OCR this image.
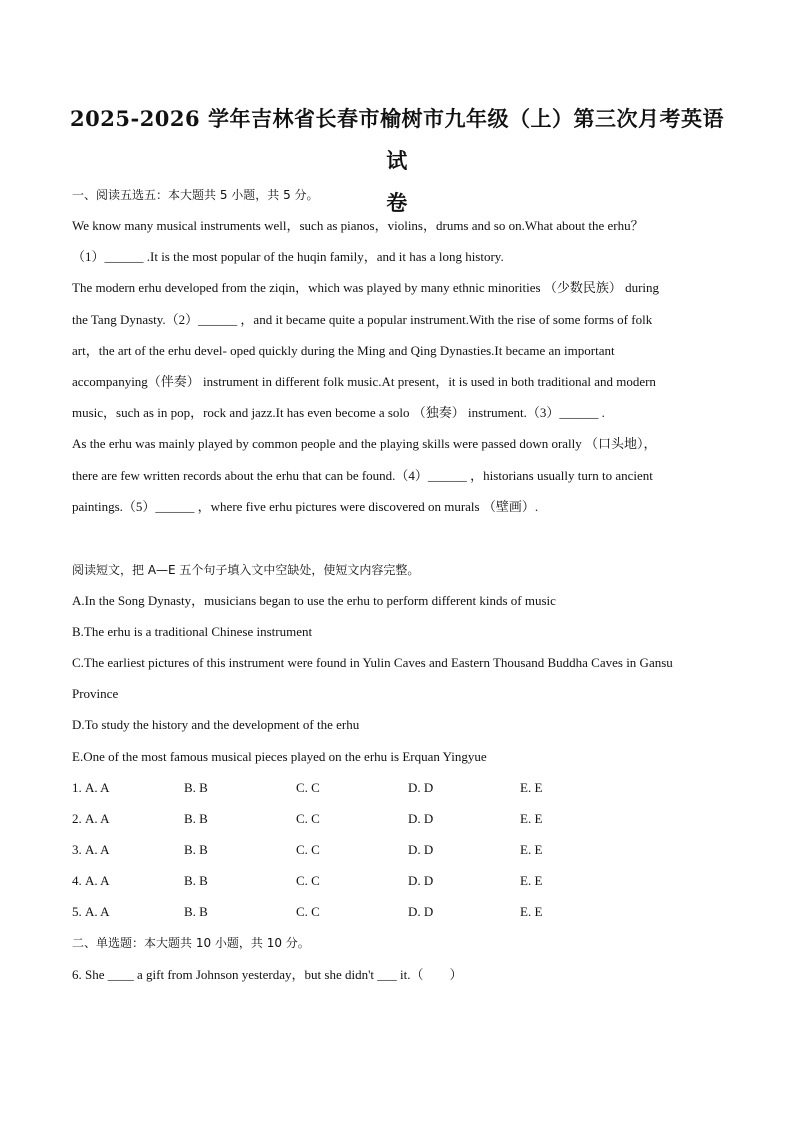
2025-2026 学年吉林省长春市榆树市九年级（上）第三次月考英语试
卷
一、阅读五选五：本大题共 5 小题，共 5 分。
We know many musical instruments well，such as pianos，violins，drums and so on.What about the erhu？
（1）______ .It is the most popular of the huqin family，and it has a long history.
The modern erhu developed from the ziqin，which was played by many ethnic minorities （少数民族） during
the Tang Dynasty.（2）______ ，and it became quite a popular instrument.With the rise of some forms of folk
art，the art of the erhu devel- oped quickly during the Ming and Qing Dynasties.It became an important
accompanying（伴奏） instrument in different folk music.At present，it is used in both traditional and modern
music，such as in pop，rock and jazz.It has even become a solo （独奏） instrument.（3）______ .
As the erhu was mainly played by common people and the playing skills were passed down orally （口头地），
there are few written records about the erhu that can be found.（4）______ ，historians usually turn to ancient
paintings.（5）______ ，where five erhu pictures were discovered on murals （壁画）.
阅读短文，把 A—E 五个句子填入文中空缺处，使短文内容完整。
A.In the Song Dynasty，musicians began to use the erhu to perform different kinds of music
B.The erhu is a traditional Chinese instrument
C.The earliest pictures of this instrument were found in Yulin Caves and Eastern Thousand Buddha Caves in Gansu
Province
D.To study the history and the development of the erhu
E.One of the most famous musical pieces played on the erhu is Erquan Yingyue
1. A. A	B. B	C. C	D. D	E. E
2. A. A	B. B	C. C	D. D	E. E
3. A. A	B. B	C. C	D. D	E. E
4. A. A	B. B	C. C	D. D	E. E
5. A. A	B. B	C. C	D. D	E. E
二、单选题：本大题共 10 小题，共 10 分。
6. She ____ a gift from Johnson yesterday，but she didn't ___ it.（　　）
